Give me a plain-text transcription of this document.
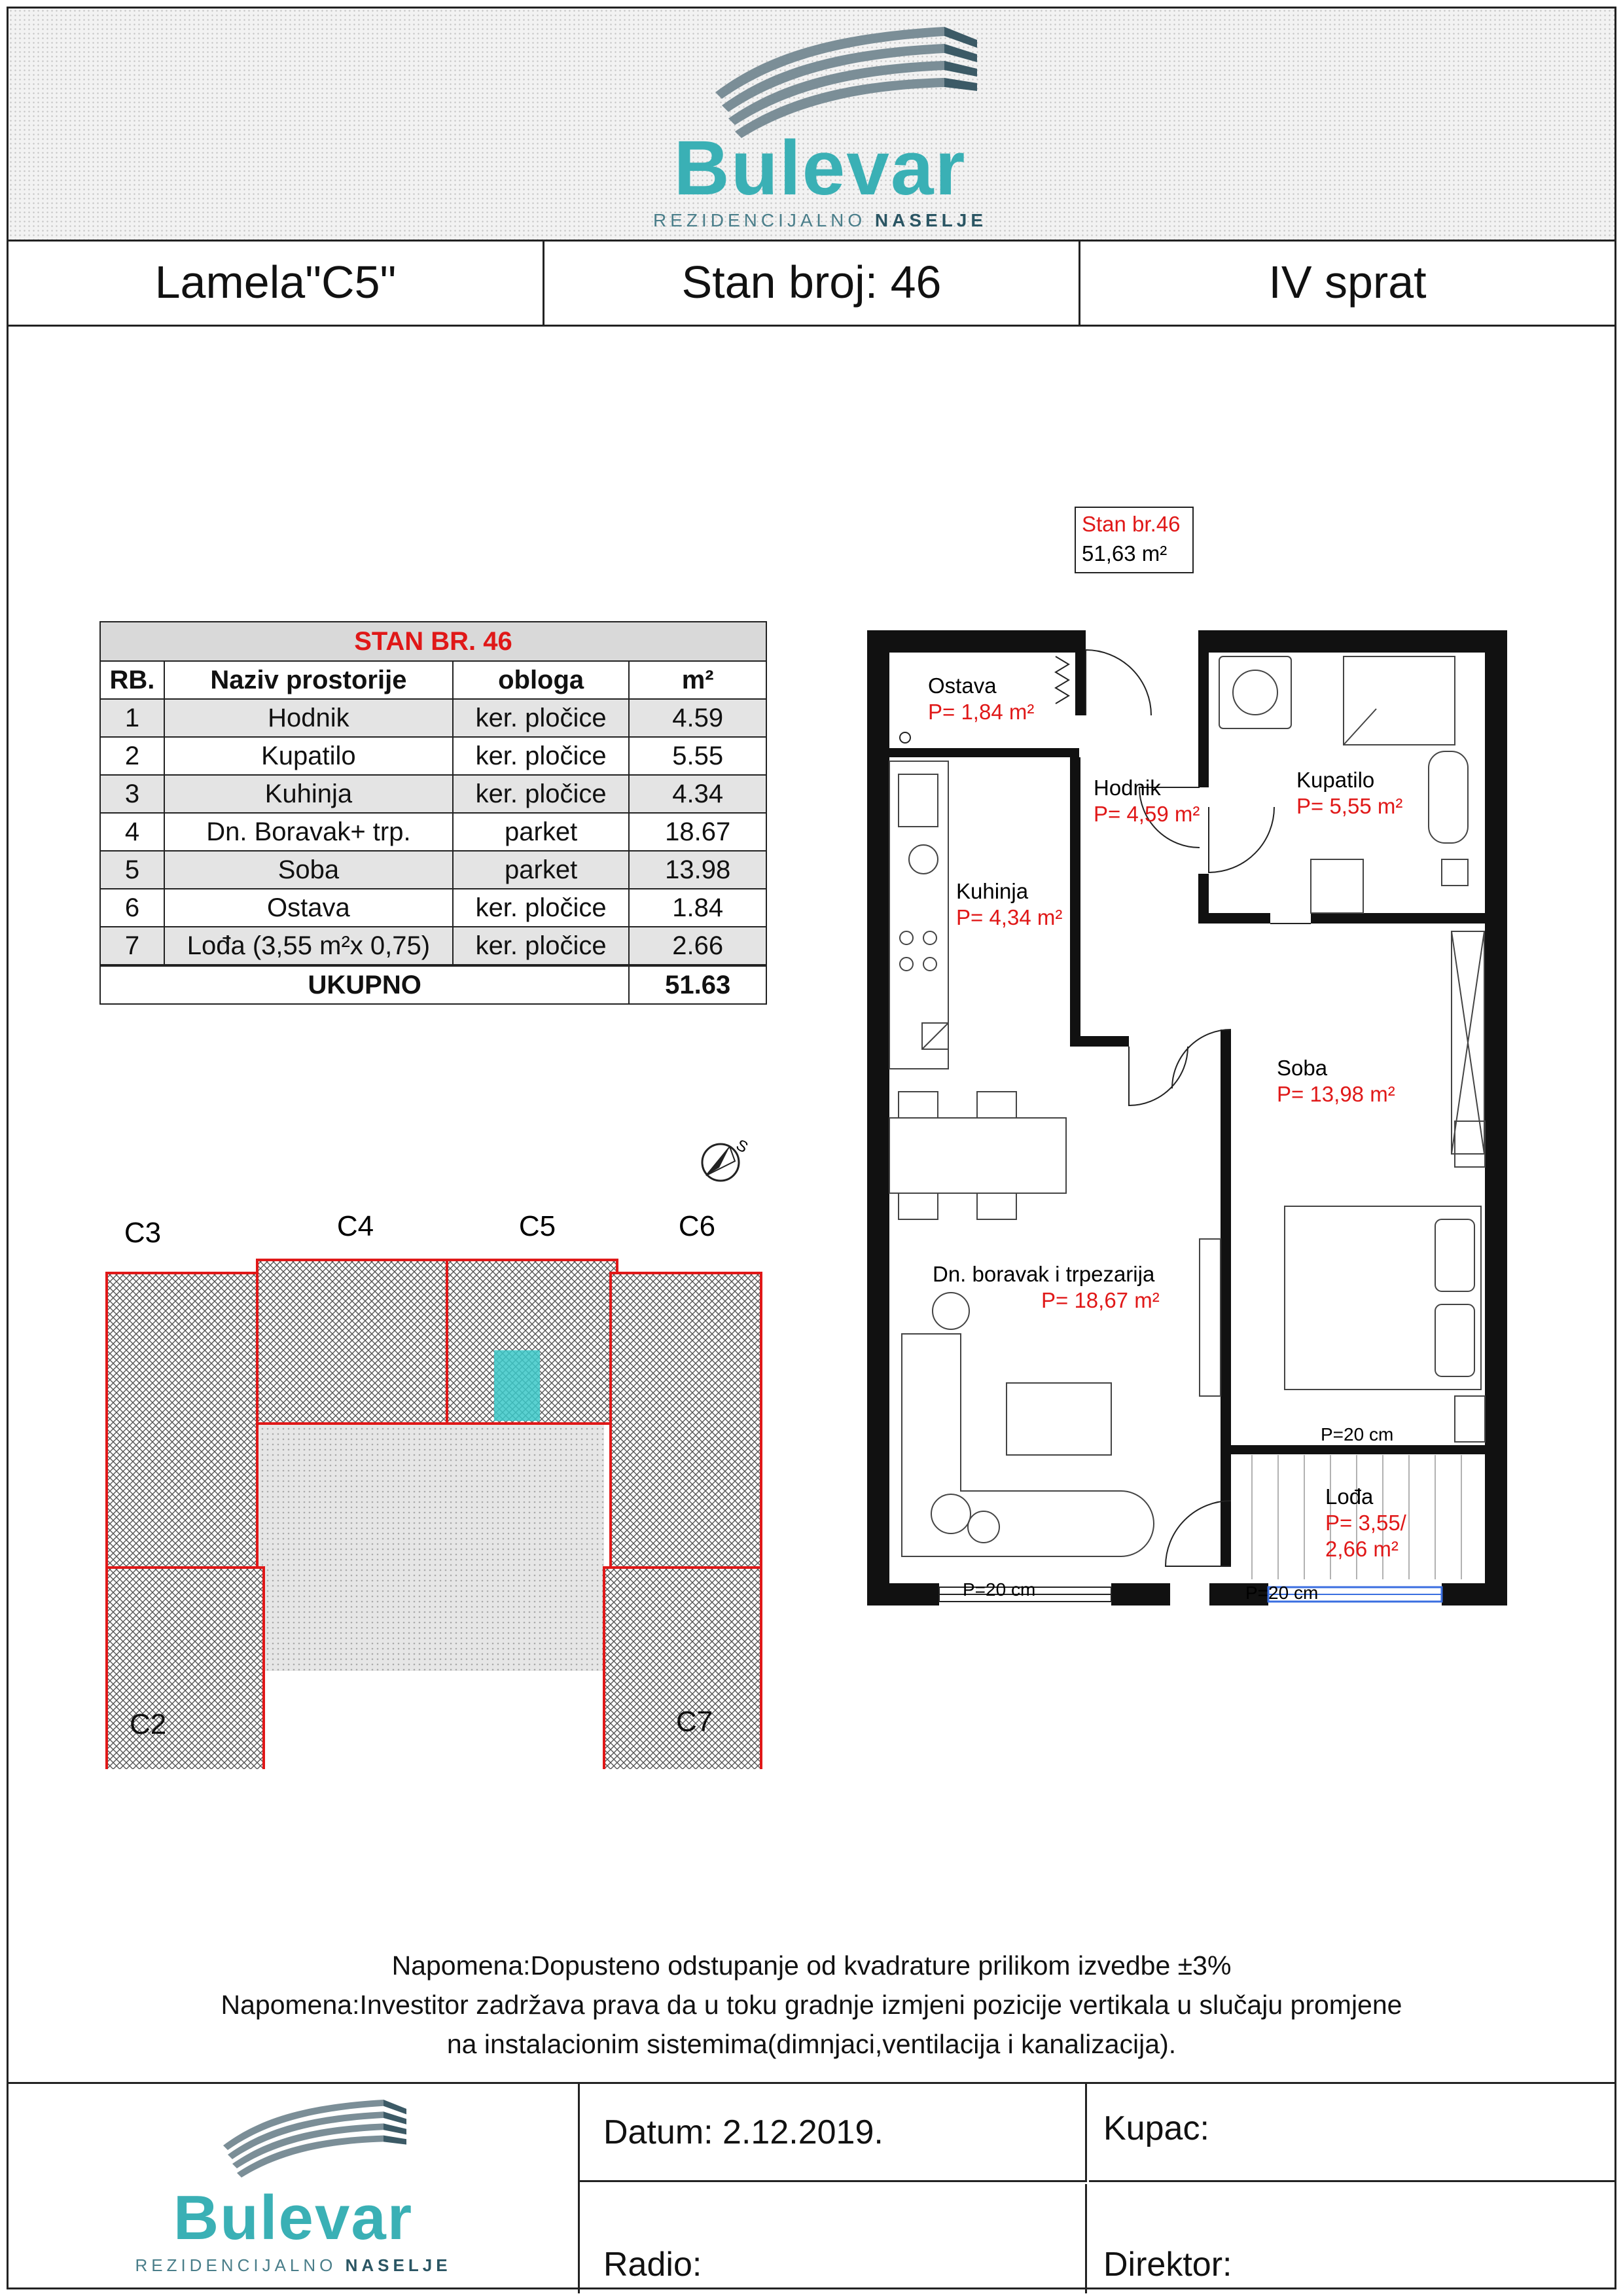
Bulevar
REZIDENCIJALNO NASELJE
Lamela"C5"	Stan broj: 46	IV sprat
STAN BR. 46			
RB.	Naziv prostorije	obloga	m²
1	Hodnik	ker. pločice	4.59
2	Kupatilo	ker. pločice	5.55
3	Kuhinja	ker. pločice	4.34
4	Dn. Boravak+ trp.	parket	18.67
5	Soba	parket	13.98
6	Ostava	ker. pločice	1.84
7	Lođa (3,55 m²x 0,75)	ker. pločice	2.66
UKUPNO			51.63
S
C3	C4	C5	C6
C2	C7
Stan br.46
51,63 m²
Ostava
P= 1,84 m²
Hodnik
P= 4,59 m²
Kupatilo
P= 5,55 m²
Kuhinja
P= 4,34 m²
Soba
P= 13,98 m²
Dn. boravak i trpezarija
P= 18,67 m²
Lođa
P= 3,55/
2,66 m²
P=20 cm
P=20 cm	P=20 cm
Napomena:Dopusteno odstupanje od kvadrature prilikom izvedbe ±3%
Napomena:Investitor zadržava prava da u toku gradnje izmjeni pozicije vertikala u slučaju promjene
na instalacionim sistemima(dimnjaci,ventilacija i kanalizacija).
Bulevar
REZIDENCIJALNO NASELJE
Datum: 2.12.2019.	Kupac:
Radio:	Direktor:
